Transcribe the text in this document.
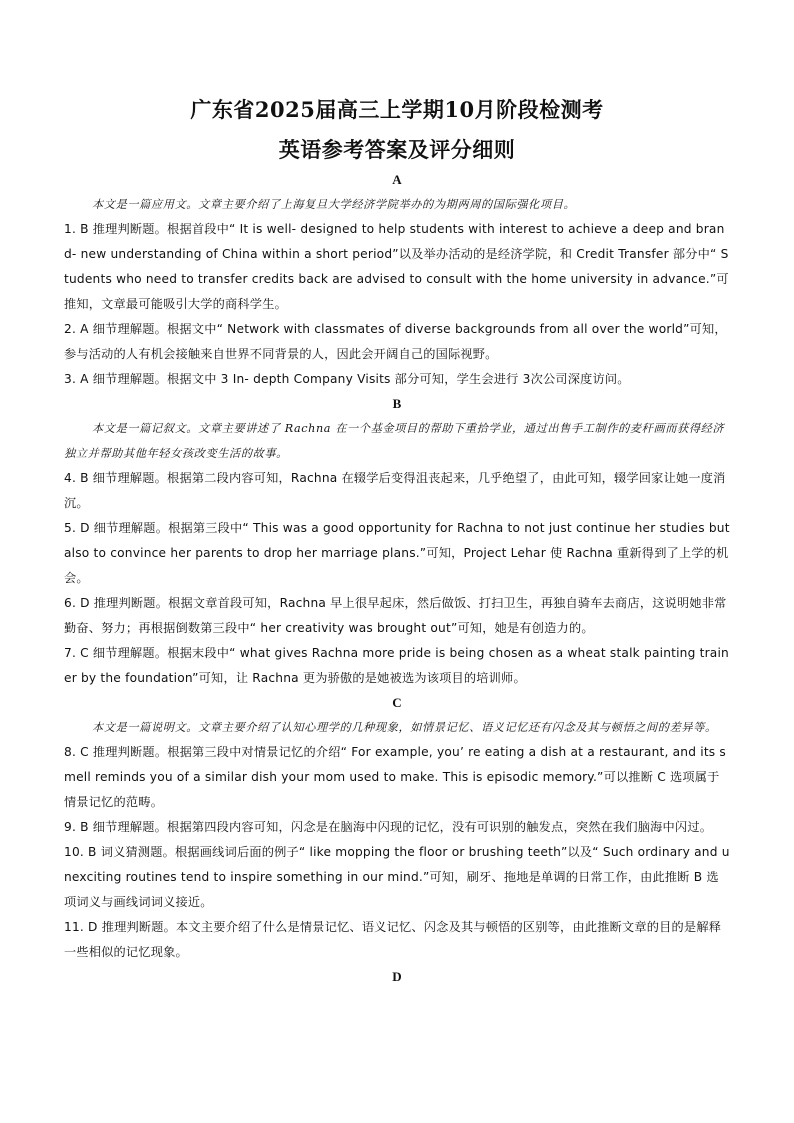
广东省2025届高三上学期10月阶段检测考
英语参考答案及评分细则
A

本文是一篇应用文。文章主要介绍了上海复旦大学经济学院举办的为期两周的国际强化项目。

1. B 推理判断题。根据首段中“ It is well- designed to help students with interest to achieve a deep and brand- new understanding of China within a short period”以及举办活动的是经济学院，和 Credit Transfer 部分中“ Students who need to transfer credits back are advised to consult with the home university in advance.”可推知，文章最可能吸引大学的商科学生。

2. A 细节理解题。根据文中“ Network with classmates of diverse backgrounds from all over the world”可知，参与活动的人有机会接触来自世界不同背景的人，因此会开阔自己的国际视野。

3. A 细节理解题。根据文中 3 In- depth Company Visits 部分可知，学生会进行 3次公司深度访问。

B

本文是一篇记叙文。文章主要讲述了 Rachna 在一个基金项目的帮助下重拾学业，通过出售手工制作的麦秆画而获得经济独立并帮助其他年轻女孩改变生活的故事。

4. B 细节理解题。根据第二段内容可知，Rachna 在辍学后变得沮丧起来，几乎绝望了，由此可知，辍学回家让她一度消沉。

5. D 细节理解题。根据第三段中“ This was a good opportunity for Rachna to not just continue her studies but also to convince her parents to drop her marriage plans.”可知，Project Lehar 使 Rachna 重新得到了上学的机会。

6. D 推理判断题。根据文章首段可知，Rachna 早上很早起床，然后做饭、打扫卫生，再独自骑车去商店，这说明她非常勤奋、努力；再根据倒数第三段中“ her creativity was brought out”可知，她是有创造力的。

7. C 细节理解题。根据末段中“ what gives Rachna more pride is being chosen as a wheat stalk painting trainer by the foundation”可知，让 Rachna 更为骄傲的是她被选为该项目的培训师。

C

本文是一篇说明文。文章主要介绍了认知心理学的几种现象，如情景记忆、语义记忆还有闪念及其与顿悟之间的差异等。

8. C 推理判断题。根据第三段中对情景记忆的介绍“ For example, you’ re eating a dish at a restaurant, and its smell reminds you of a similar dish your mom used to make. This is episodic memory.”可以推断 C 选项属于情景记忆的范畴。

9. B 细节理解题。根据第四段内容可知，闪念是在脑海中闪现的记忆，没有可识别的触发点，突然在我们脑海中闪过。

10. B 词义猜测题。根据画线词后面的例子“ like mopping the floor or brushing teeth”以及“ Such ordinary and unexciting routines tend to inspire something in our mind.”可知，刷牙、拖地是单调的日常工作，由此推断 B 选项词义与画线词词义接近。

11. D 推理判断题。本文主要介绍了什么是情景记忆、语义记忆、闪念及其与顿悟的区别等，由此推断文章的目的是解释一些相似的记忆现象。

D
